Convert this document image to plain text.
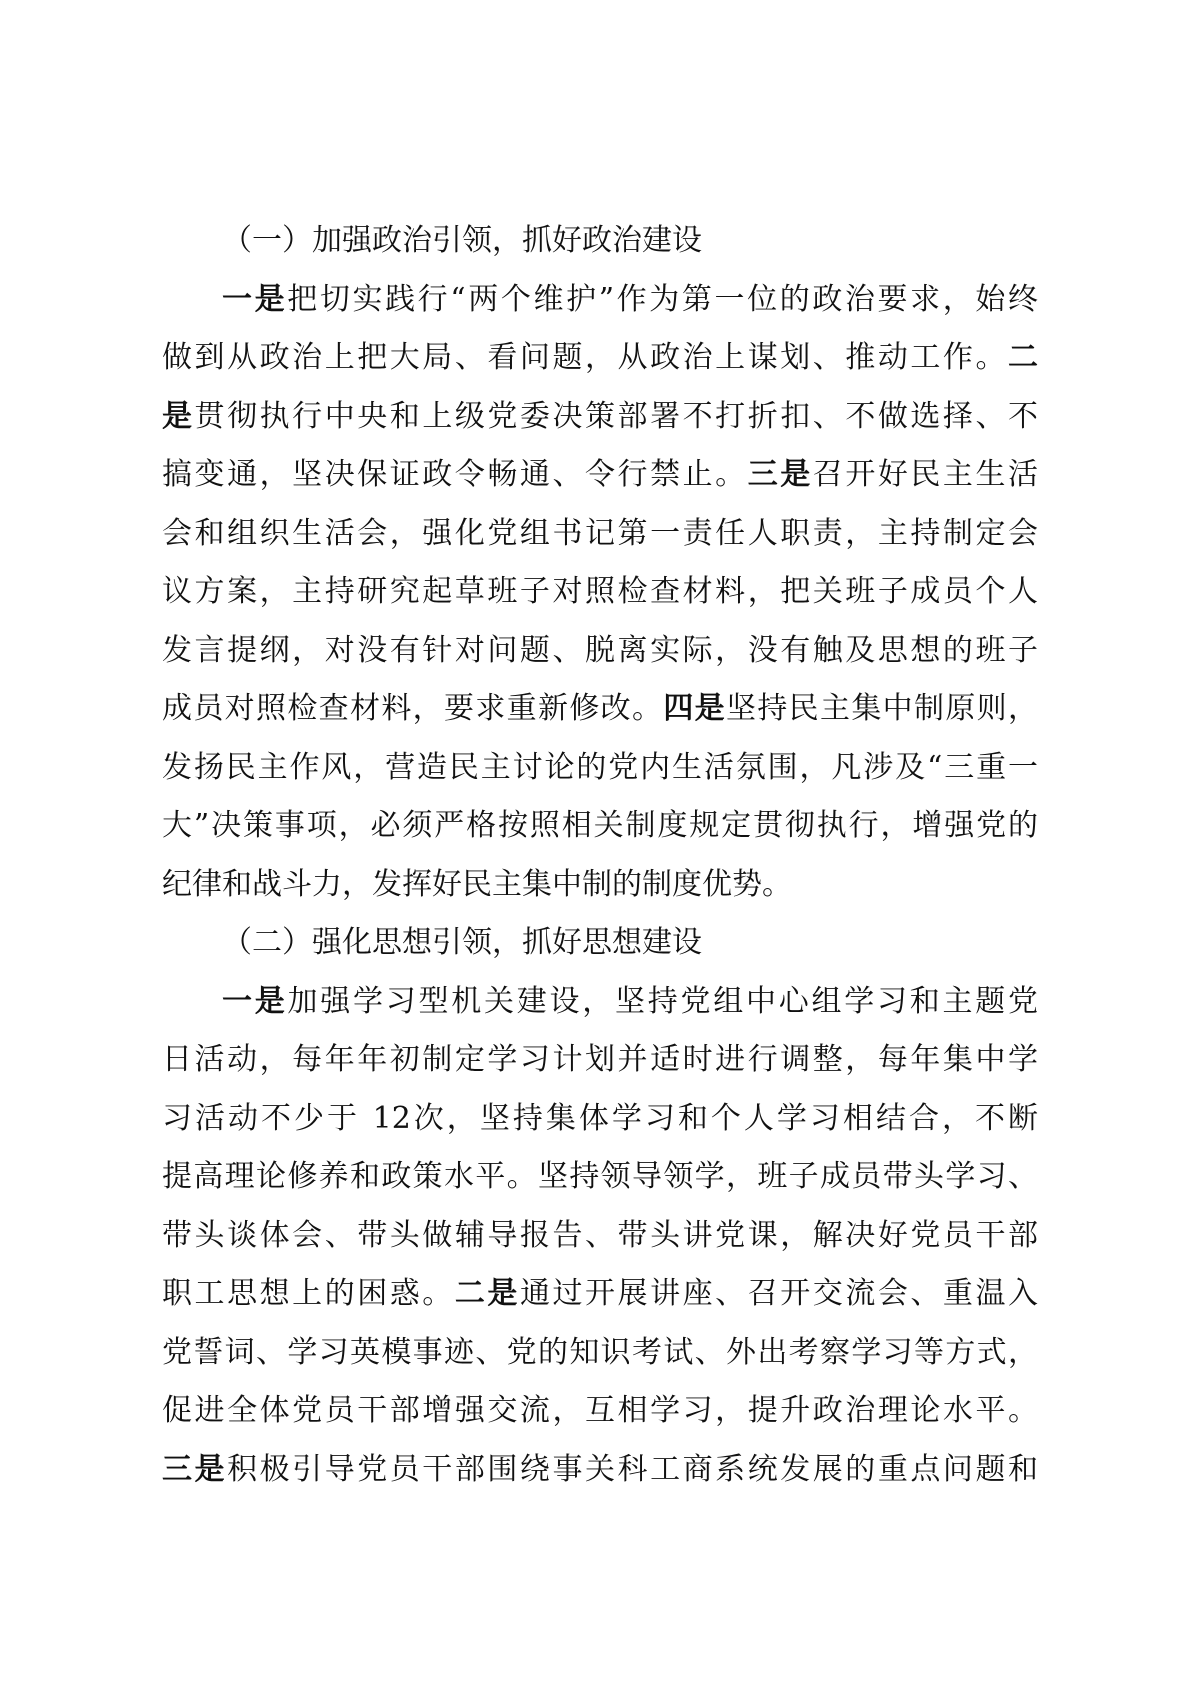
（一）加强政治引领，抓好政治建设
一是把切实践行“两个维护”作为第一位的政治要求，始终
做到从政治上把大局、看问题，从政治上谋划、推动工作。二
是贯彻执行中央和上级党委决策部署不打折扣、不做选择、不
搞变通，坚决保证政令畅通、令行禁止。三是召开好民主生活
会和组织生活会，强化党组书记第一责任人职责，主持制定会
议方案，主持研究起草班子对照检查材料，把关班子成员个人
发言提纲，对没有针对问题、脱离实际，没有触及思想的班子
成员对照检查材料，要求重新修改。四是坚持民主集中制原则，
发扬民主作风，营造民主讨论的党内生活氛围，凡涉及“三重一
大”决策事项，必须严格按照相关制度规定贯彻执行，增强党的
纪律和战斗力，发挥好民主集中制的制度优势。
（二）强化思想引领，抓好思想建设
一是加强学习型机关建设，坚持党组中心组学习和主题党
日活动，每年年初制定学习计划并适时进行调整，每年集中学
习活动不少于 12次，坚持集体学习和个人学习相结合，不断
提高理论修养和政策水平。坚持领导领学，班子成员带头学习、
带头谈体会、带头做辅导报告、带头讲党课，解决好党员干部
职工思想上的困惑。二是通过开展讲座、召开交流会、重温入
党誓词、学习英模事迹、党的知识考试、外出考察学习等方式，
促进全体党员干部增强交流，互相学习，提升政治理论水平。
三是积极引导党员干部围绕事关科工商系统发展的重点问题和
